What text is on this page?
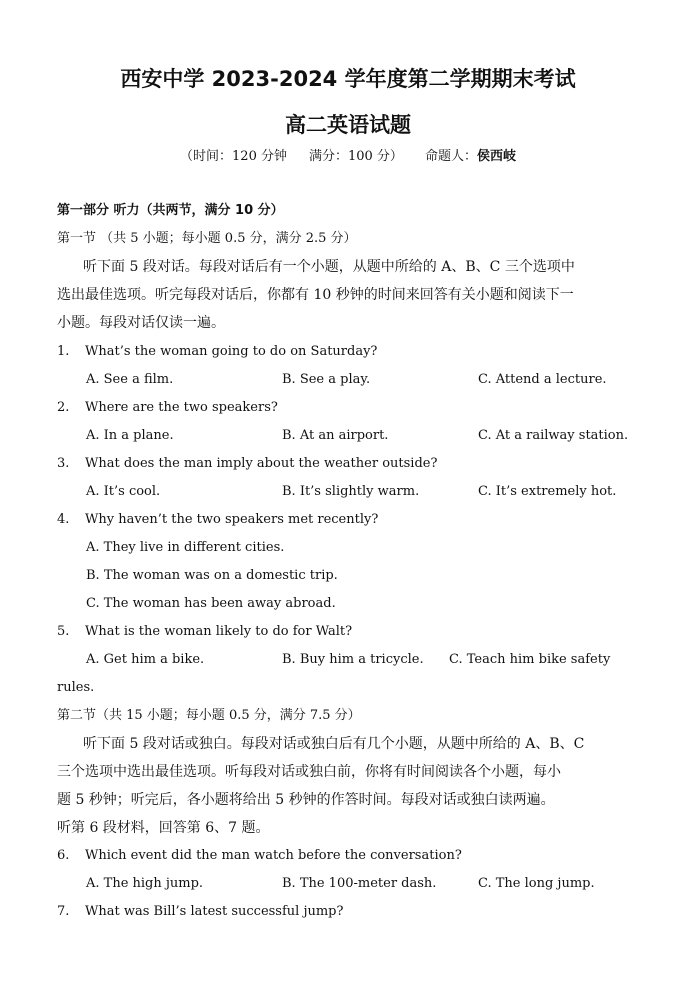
西安中学 2023-2024 学年度第二学期期末考试
高二英语试题
（时间：120 分钟 满分：100 分） 命题人：侯西岐
第一部分 听力（共两节，满分 10 分）
第一节 （共 5 小题；每小题 0.5 分，满分 2.5 分）
听下面 5 段对话。每段对话后有一个小题，从题中所给的 A、B、C 三个选项中
选出最佳选项。听完每段对话后，你都有 10 秒钟的时间来回答有关小题和阅读下一
小题。每段对话仅读一遍。
1. What’s the woman going to do on Saturday?
A. See a film.	B. See a play.	C. Attend a lecture.
2. Where are the two speakers?
A. In a plane.	B. At an airport.	C. At a railway station.
3. What does the man imply about the weather outside?
A. It’s cool.	B. It’s slightly warm.	C. It’s extremely hot.
4. Why haven’t the two speakers met recently?
A. They live in different cities.
B. The woman was on a domestic trip.
C. The woman has been away abroad.
5. What is the woman likely to do for Walt?
A. Get him a bike.	B. Buy him a tricycle. C. Teach him bike safety
rules.
第二节（共 15 小题；每小题 0.5 分，满分 7.5 分）
听下面 5 段对话或独白。每段对话或独白后有几个小题，从题中所给的 A、B、C
三个选项中选出最佳选项。听每段对话或独白前，你将有时间阅读各个小题，每小
题 5 秒钟；听完后，各小题将给出 5 秒钟的作答时间。每段对话或独白读两遍。
听第 6 段材料，回答第 6、7 题。
6. Which event did the man watch before the conversation?
A. The high jump.	B. The 100-meter dash.	C. The long jump.
7. What was Bill’s latest successful jump?
